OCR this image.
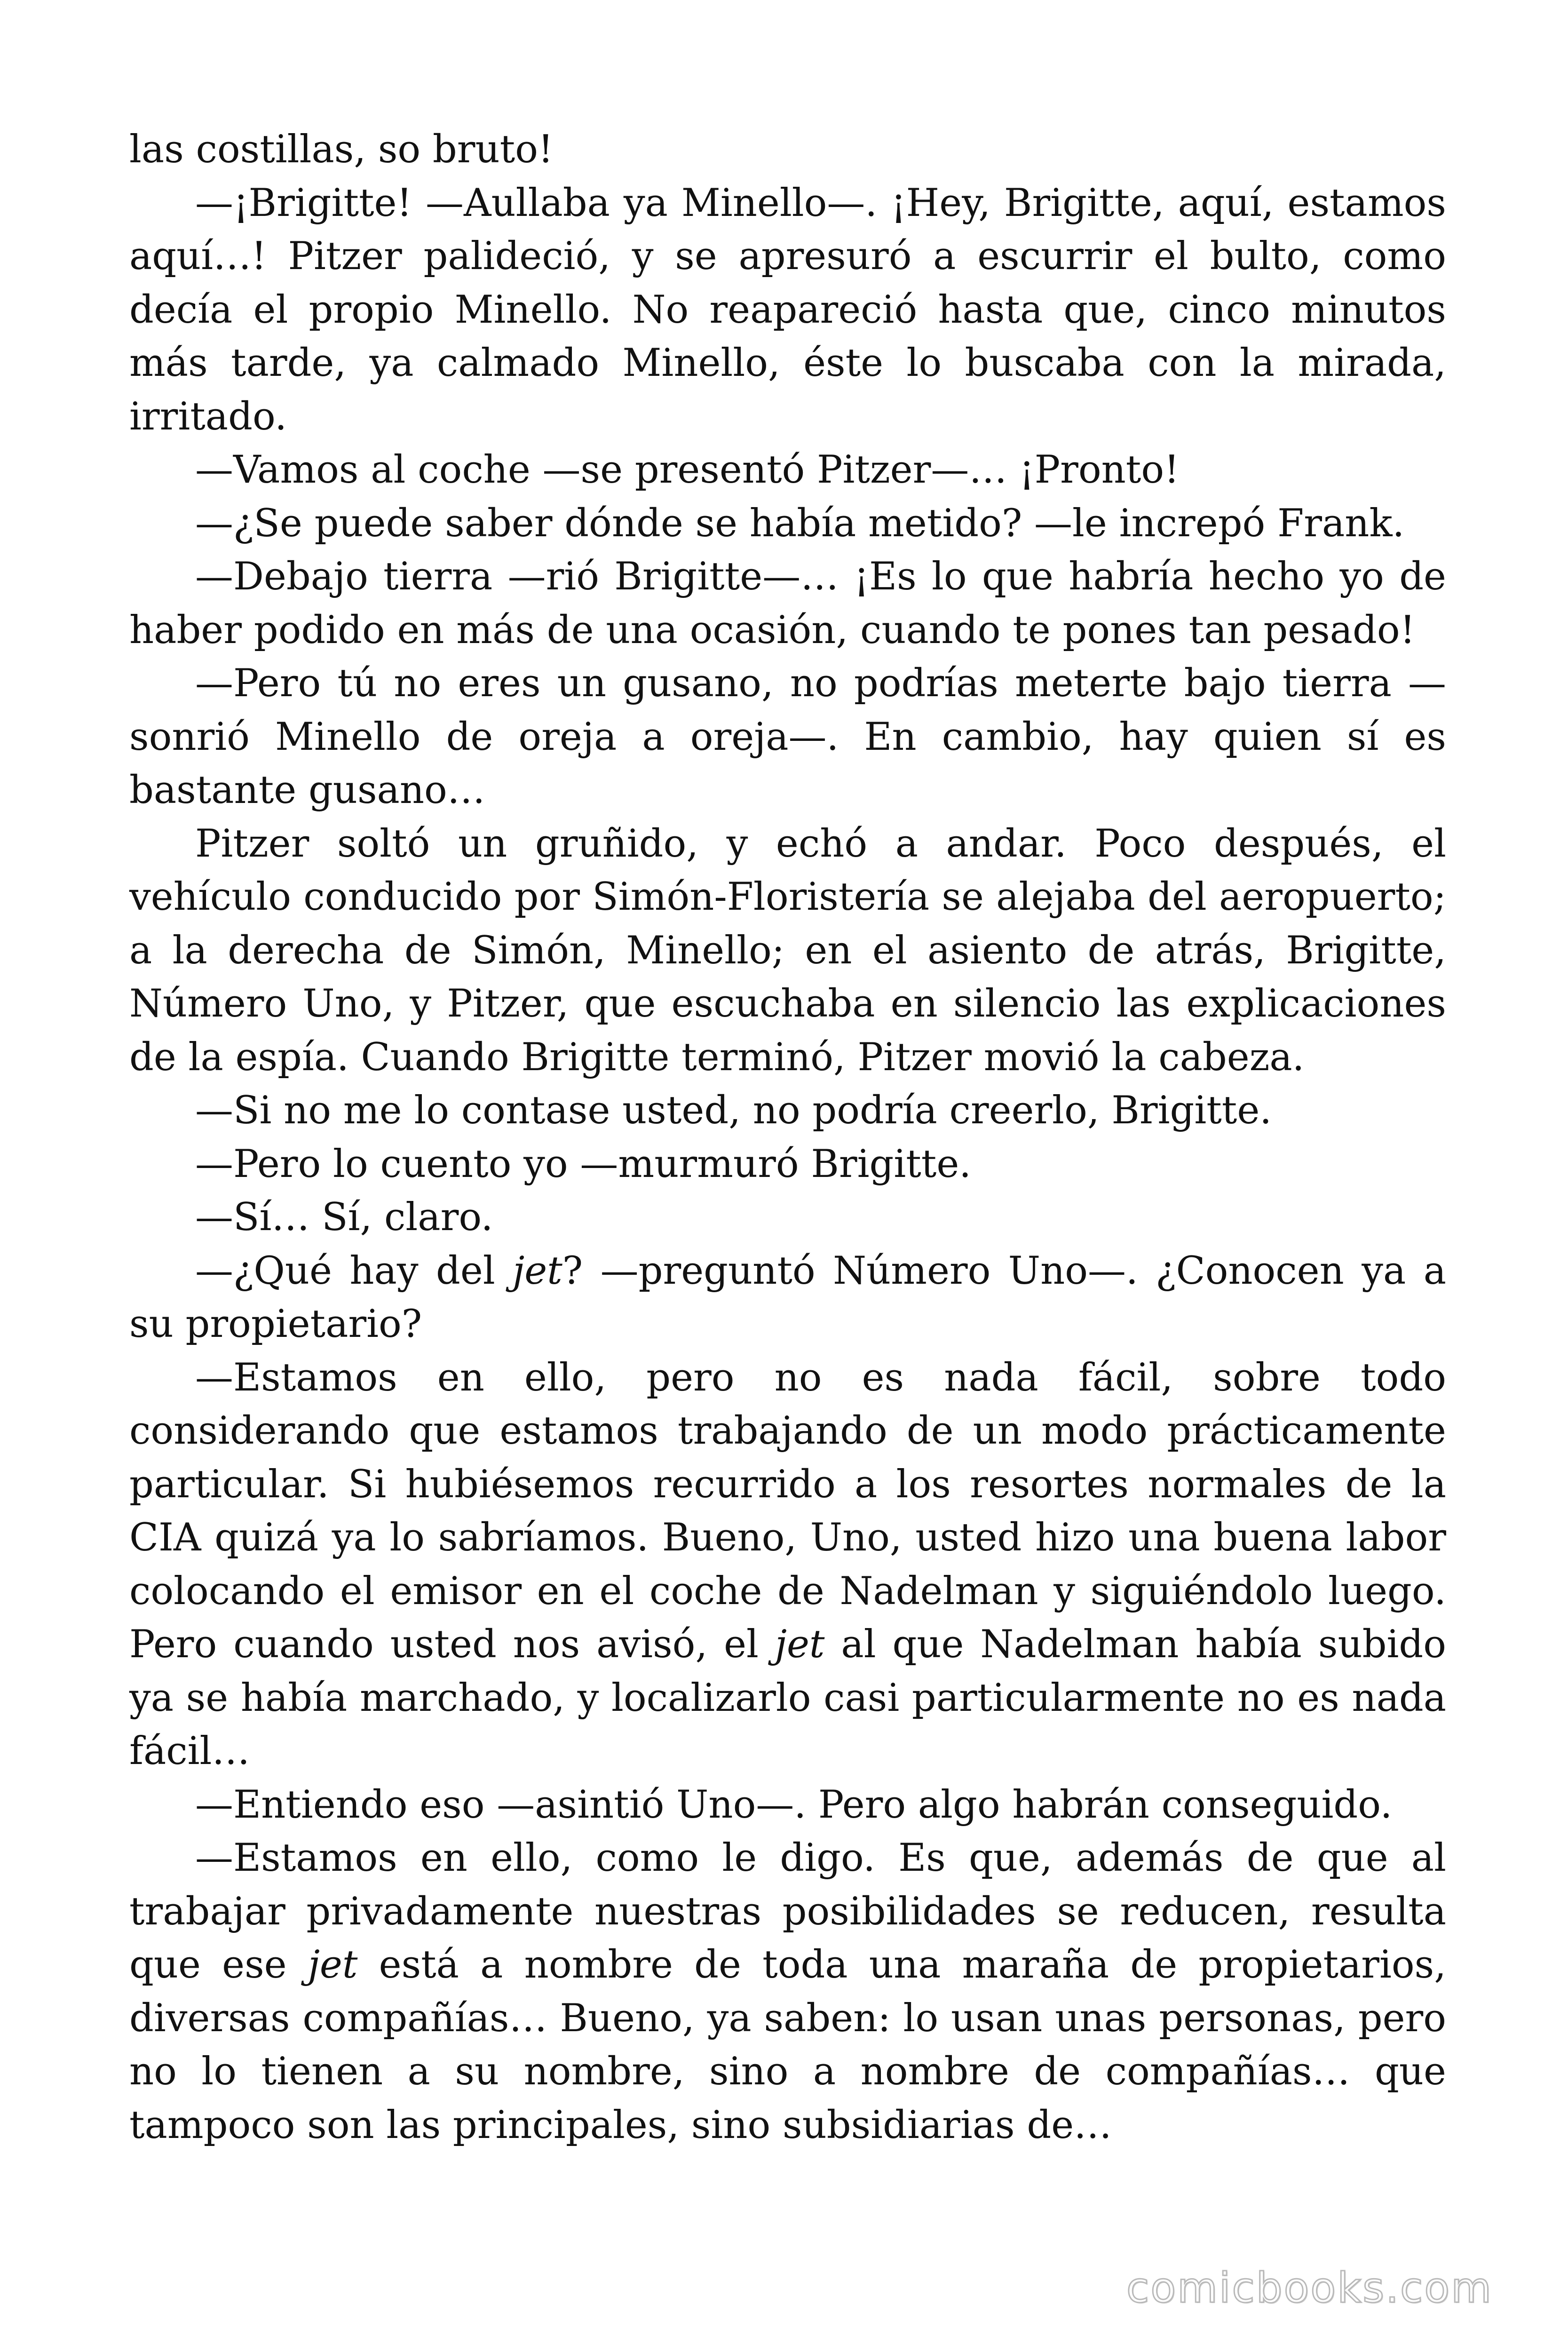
las costillas, so bruto!

—¡Brigitte! —Aullaba ya Minello—. ¡Hey, Brigitte, aquí, estamos aquí…! Pitzer palideció, y se apresuró a escurrir el bulto, como decía el propio Minello. No reapareció hasta que, cinco minutos más tarde, ya calmado Minello, éste lo buscaba con la mirada, irritado.

—Vamos al coche —se presentó Pitzer—… ¡Pronto!

—¿Se puede saber dónde se había metido? —le increpó Frank.

—Debajo tierra —rió Brigitte—… ¡Es lo que habría hecho yo de haber podido en más de una ocasión, cuando te pones tan pesado!

—Pero tú no eres un gusano, no podrías meterte bajo tierra —sonrió Minello de oreja a oreja—. En cambio, hay quien sí es bastante gusano…

Pitzer soltó un gruñido, y echó a andar. Poco después, el vehículo conducido por Simón-Floristería se alejaba del aeropuerto; a la derecha de Simón, Minello; en el asiento de atrás, Brigitte, Número Uno, y Pitzer, que escuchaba en silencio las explicaciones de la espía. Cuando Brigitte terminó, Pitzer movió la cabeza.

—Si no me lo contase usted, no podría creerlo, Brigitte.

—Pero lo cuento yo —murmuró Brigitte.

—Sí… Sí, claro.

—¿Qué hay del jet? —preguntó Número Uno—. ¿Conocen ya a su propietario?

—Estamos en ello, pero no es nada fácil, sobre todo considerando que estamos trabajando de un modo prácticamente particular. Si hubiésemos recurrido a los resortes normales de la CIA quizá ya lo sabríamos. Bueno, Uno, usted hizo una buena labor colocando el emisor en el coche de Nadelman y siguiéndolo luego. Pero cuando usted nos avisó, el jet al que Nadelman había subido ya se había marchado, y localizarlo casi particularmente no es nada fácil…

—Entiendo eso —asintió Uno—. Pero algo habrán conseguido.

—Estamos en ello, como le digo. Es que, además de que al trabajar privadamente nuestras posibilidades se reducen, resulta que ese jet está a nombre de toda una maraña de propietarios, diversas compañías… Bueno, ya saben: lo usan unas personas, pero no lo tienen a su nombre, sino a nombre de compañías… que tampoco son las principales, sino subsidiarias de…

comicbooks.com
